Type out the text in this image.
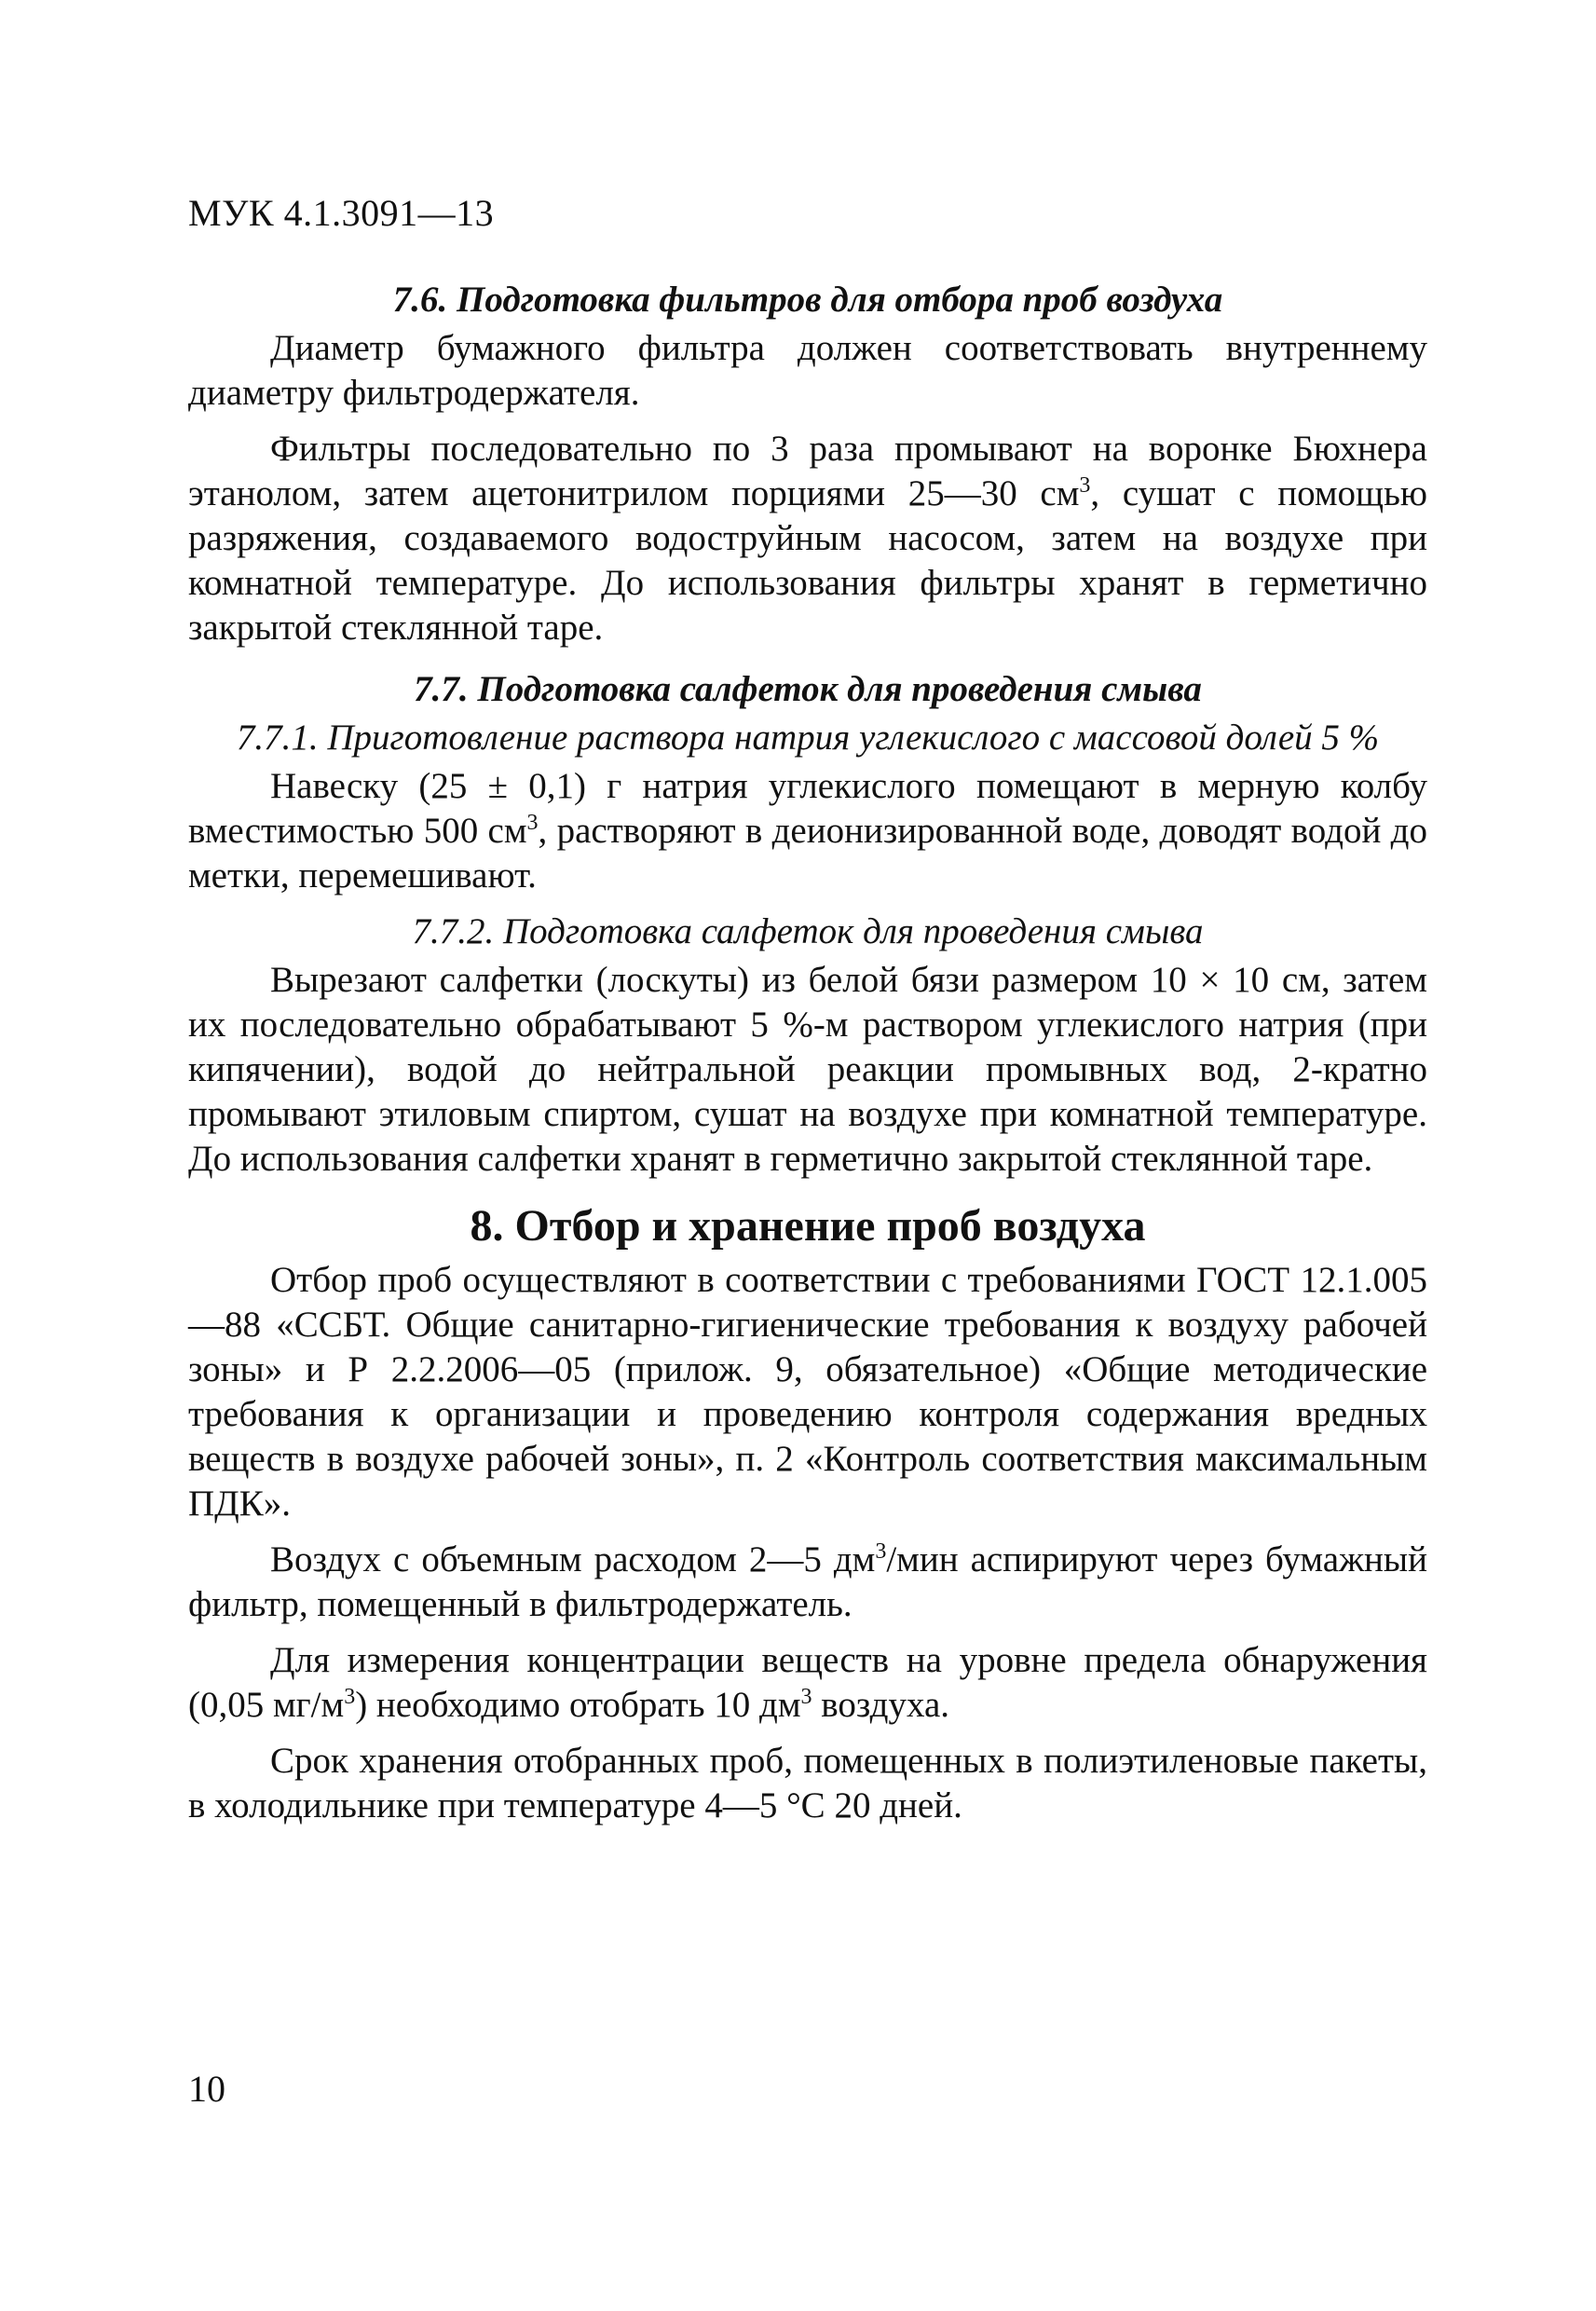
МУК 4.1.3091—13
7.6. Подготовка фильтров для отбора проб воздуха

Диаметр бумажного фильтра должен соответствовать внутреннему диаметру фильтродержателя.

Фильтры последовательно по 3 раза промывают на воронке Бюхнера этанолом, затем ацетонитрилом порциями 25—30 $см^3$, сушат с помощью разряжения, создаваемого водоструйным насосом, затем на воздухе при комнатной температуре. До использования фильтры хранят в герметично закрытой стеклянной таре.

7.7. Подготовка салфеток для проведения смыва
7.7.1. Приготовление раствора натрия углекислого с массовой долей 5 %

Навеску (25 ± 0,1) г натрия углекислого помещают в мерную колбу вместимостью 500 $см^3$, растворяют в деионизированной воде, доводят водой до метки, перемешивают.

7.7.2. Подготовка салфеток для проведения смыва

Вырезают салфетки (лоскуты) из белой бязи размером 10 × 10 см, затем их последовательно обрабатывают 5 %-м раствором углекислого натрия (при кипячении), водой до нейтральной реакции промывных вод, 2-кратно промывают этиловым спиртом, сушат на воздухе при комнатной температуре. До использования салфетки хранят в герметично закрытой стеклянной таре.

8. Отбор и хранение проб воздуха

Отбор проб осуществляют в соответствии с требованиями ГОСТ 12.1.005—88 «ССБТ. Общие санитарно-гигиенические требования к воздуху рабочей зоны» и Р 2.2.2006—05 (прилож. 9, обязательное) «Общие методические требования к организации и проведению контроля содержания вредных веществ в воздухе рабочей зоны», п. 2 «Контроль соответствия максимальным ПДК».

Воздух с объемным расходом 2—5 $дм^3$/мин аспирируют через бумажный фильтр, помещенный в фильтродержатель.

Для измерения концентрации веществ на уровне предела обнаружения (0,05 $мг/м^3$) необходимо отобрать 10 $дм^3$ воздуха.

Срок хранения отобранных проб, помещенных в полиэтиленовые пакеты, в холодильнике при температуре 4—5 °С 20 дней.

10
